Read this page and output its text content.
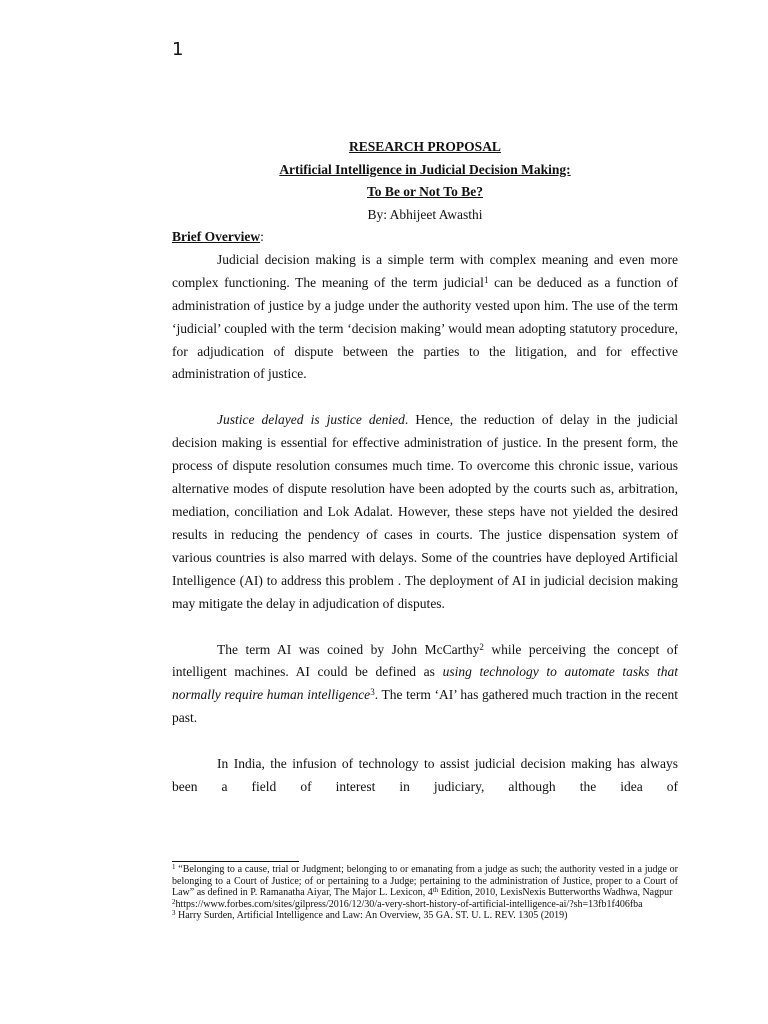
1
RESEARCH PROPOSAL
Artificial Intelligence in Judicial Decision Making:
To Be or Not To Be?
By: Abhijeet Awasthi
Brief Overview:

Judicial decision making is a simple term with complex meaning and even more complex functioning. The meaning of the term judicial$^1$ can be deduced as a function of administration of justice by a judge under the authority vested upon him. The use of the term ‘judicial’ coupled with the term ‘decision making’ would mean adopting statutory procedure, for adjudication of dispute between the parties to the litigation, and for effective administration of justice.

Justice delayed is justice denied. Hence, the reduction of delay in the judicial decision making is essential for effective administration of justice. In the present form, the process of dispute resolution consumes much time. To overcome this chronic issue, various alternative modes of dispute resolution have been adopted by the courts such as, arbitration, mediation, conciliation and Lok Adalat. However, these steps have not yielded the desired results in reducing the pendency of cases in courts. The justice dispensation system of various countries is also marred with delays. Some of the countries have deployed Artificial Intelligence (AI) to address this problem . The deployment of AI in judicial decision making may mitigate the delay in adjudication of disputes.

The term AI was coined by John McCarthy$^2$ while perceiving the concept of intelligent machines. AI could be defined as using technology to automate tasks that normally require human intelligence$^3$. The term ‘AI’ has gathered much traction in the recent past.

In India, the infusion of technology to assist judicial decision making has always been a field of interest in judiciary, although the idea of

$^1$ “Belonging to a cause, trial or Judgment; belonging to or emanating from a judge as such; the authority vested in a judge or belonging to a Court of Justice; of or pertaining to a Judge; pertaining to the administration of Justice, proper to a Court of Law” as defined in P. Ramanatha Aiyar, The Major L. Lexicon, 4th Edition, 2010, LexisNexis Butterworths Wadhwa, Nagpur

$^2$https://www.forbes.com/sites/gilpress/2016/12/30/a-very-short-history-of-artificial-intelligence-ai/?sh=13fb1f406fba

$^3$ Harry Surden, Artificial Intelligence and Law: An Overview, 35 GA. ST. U. L. REV. 1305 (2019)
